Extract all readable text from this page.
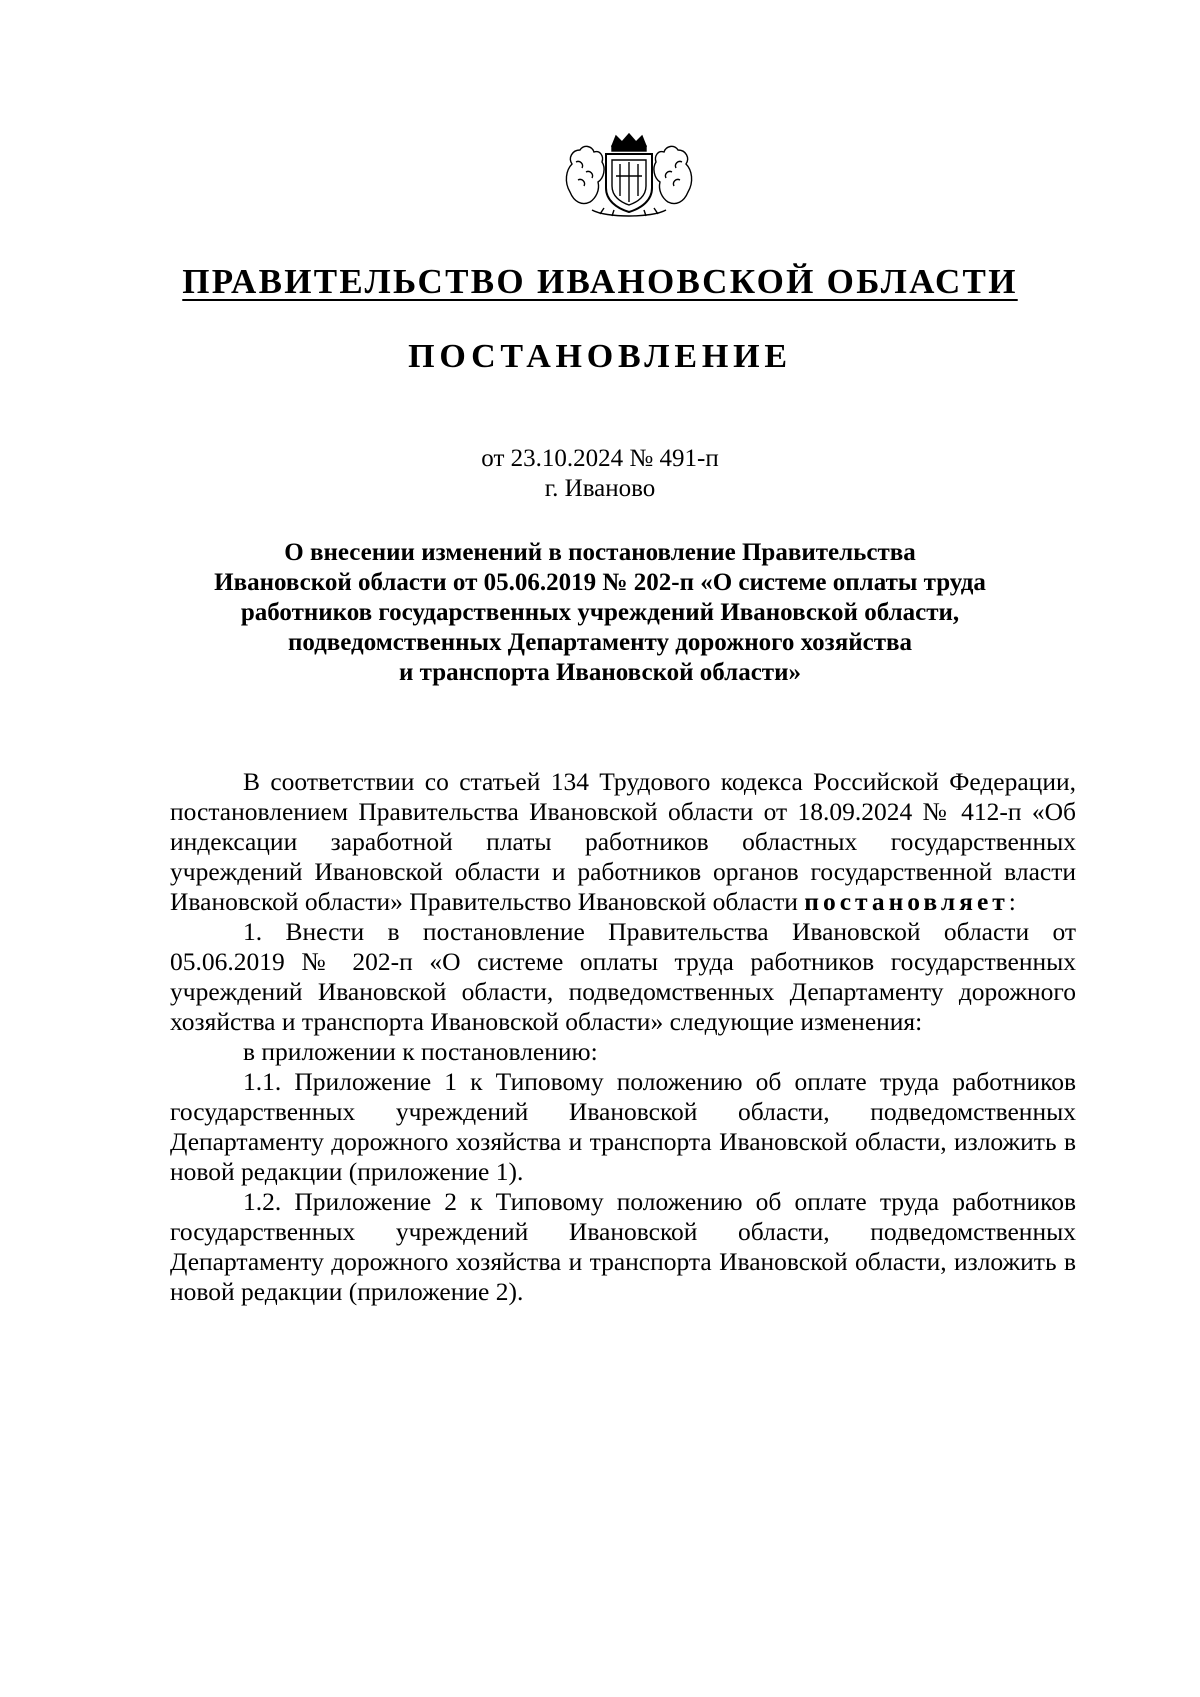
ПРАВИТЕЛЬСТВО ИВАНОВСКОЙ ОБЛАСТИ
ПОСТАНОВЛЕНИЕ
от 23.10.2024 № 491-п
г. Иваново
О внесении изменений в постановление Правительства
Ивановской области от 05.06.2019 № 202-п «О системе оплаты труда
работников государственных учреждений Ивановской области,
подведомственных Департаменту дорожного хозяйства
и транспорта Ивановской области»

В соответствии со статьей 134 Трудового кодекса Российской Федерации, постановлением Правительства Ивановской области от 18.09.2024 № 412-п «Об индексации заработной платы работников областных государственных учреждений Ивановской области и работников органов государственной власти Ивановской области» Правительство Ивановской области постановляет:

1. Внести в постановление Правительства Ивановской области от 05.06.2019 № 202-п «О системе оплаты труда работников государственных учреждений Ивановской области, подведомственных Департаменту дорожного хозяйства и транспорта Ивановской области» следующие изменения:

в приложении к постановлению:

1.1. Приложение 1 к Типовому положению об оплате труда работников государственных учреждений Ивановской области, подведомственных Департаменту дорожного хозяйства и транспорта Ивановской области, изложить в новой редакции (приложение 1).

1.2. Приложение 2 к Типовому положению об оплате труда работников государственных учреждений Ивановской области, подведомственных Департаменту дорожного хозяйства и транспорта Ивановской области, изложить в новой редакции (приложение 2).
